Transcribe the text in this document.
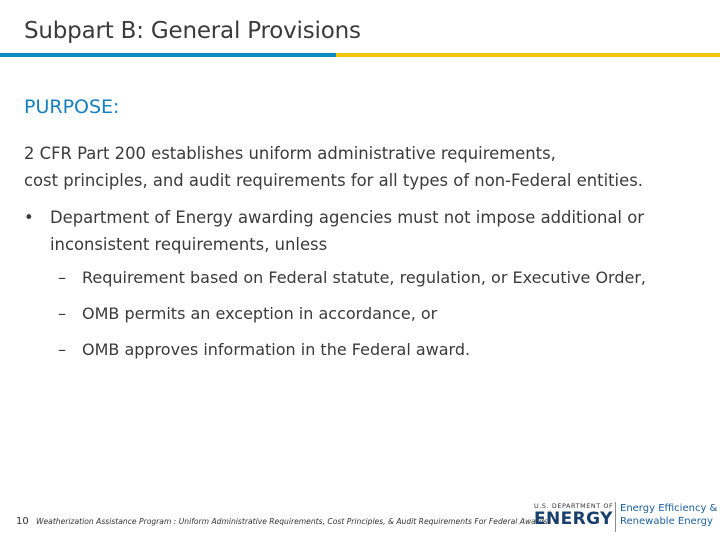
Subpart B: General Provisions
PURPOSE:
2 CFR Part 200 establishes uniform administrative requirements,
cost principles, and audit requirements for all types of non-Federal entities.
• Department of Energy awarding agencies must not impose additional or inconsistent requirements, unless
– Requirement based on Federal statute, regulation, or Executive Order,
– OMB permits an exception in accordance, or
– OMB approves information in the Federal award.
10 Weatherization Assistance Program : Uniform Administrative Requirements, Cost Principles, & Audit Requirements For Federal Awards
U.S. DEPARTMENT OF
ENERGY
Energy Efficiency &
Renewable Energy
